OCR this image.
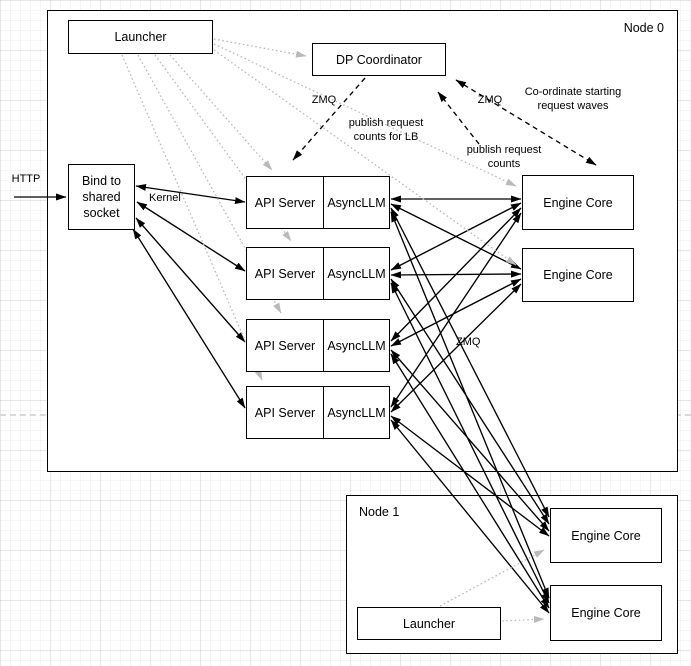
Node 0
Node 1
Launcher
DP Coordinator
Bind to shared socket
API Server AsyncLLM
API Server AsyncLLM
API Server AsyncLLM
API Server AsyncLLM
Engine Core
Engine Core
Engine Core
Engine Core
Launcher
HTTP
Kernel
ZMQ
publish request counts for LB
ZMQ
Co-ordinate starting request waves
publish request counts
ZMQ
